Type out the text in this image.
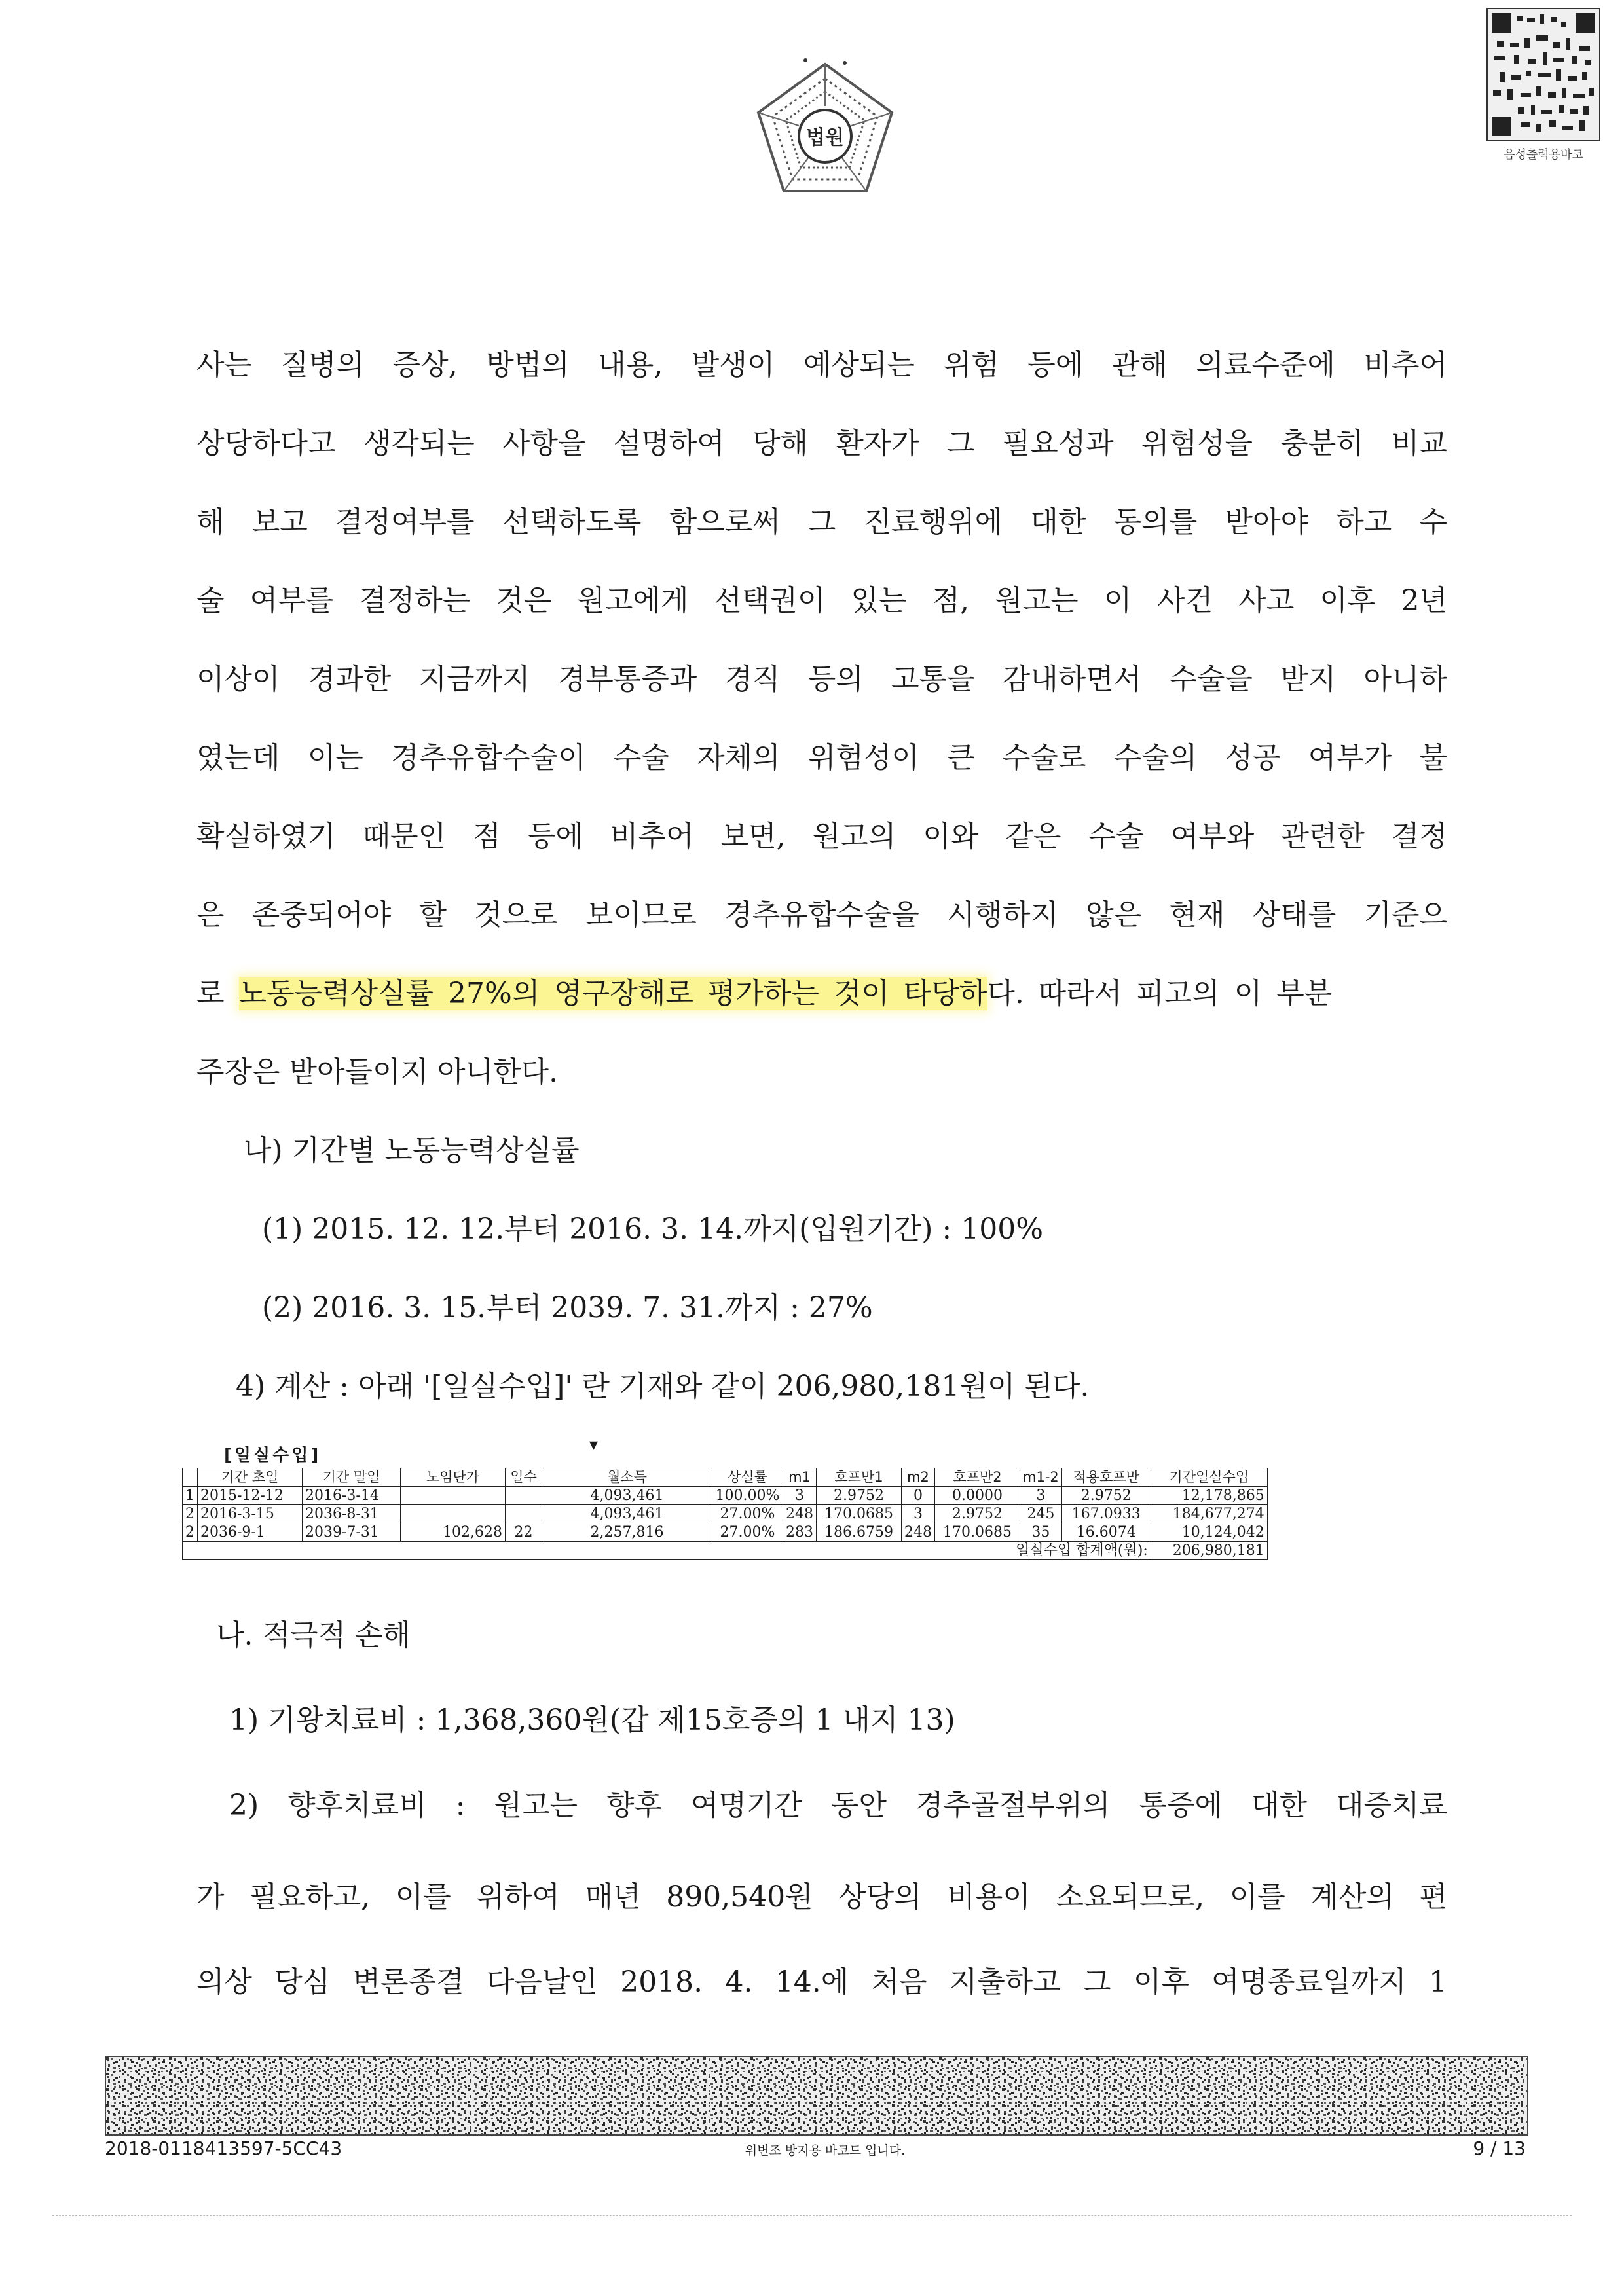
법원
음성출력용바코
사는 질병의 증상, 방법의 내용, 발생이 예상되는 위험 등에 관해 의료수준에 비추어
상당하다고 생각되는 사항을 설명하여 당해 환자가 그 필요성과 위험성을 충분히 비교
해 보고 결정여부를 선택하도록 함으로써 그 진료행위에 대한 동의를 받아야 하고 수
술 여부를 결정하는 것은 원고에게 선택권이 있는 점, 원고는 이 사건 사고 이후 2년
이상이 경과한 지금까지 경부통증과 경직 등의 고통을 감내하면서 수술을 받지 아니하
였는데 이는 경추유합수술이 수술 자체의 위험성이 큰 수술로 수술의 성공 여부가 불
확실하였기 때문인 점 등에 비추어 보면, 원고의 이와 같은 수술 여부와 관련한 결정
은 존중되어야 할 것으로 보이므로 경추유합수술을 시행하지 않은 현재 상태를 기준으
로 노동능력상실률 27%의 영구장해로 평가하는 것이 타당하다. 따라서 피고의 이 부분
주장은 받아들이지 아니한다.
나) 기간별 노동능력상실률
(1) 2015. 12. 12.부터 2016. 3. 14.까지(입원기간) : 100%
(2) 2016. 3. 15.부터 2039. 7. 31.까지 : 27%
4) 계산 : 아래 '[일실수입]' 란 기재와 같이 206,980,181원이 된다.
[일실수입]
▾
	기간 초일	기간 말일	노임단가	일수	월소득	상실률	m1	호프만1	m2	호프만2	m1-2	적용호프만	기간일실수입
1	2015-12-12	2016-3-14			4,093,461	100.00%	3	2.9752	0	0.0000	3	2.9752	12,178,865
2	2016-3-15	2036-8-31			4,093,461	27.00%	248	170.0685	3	2.9752	245	167.0933	184,677,274
2	2036-9-1	2039-7-31	102,628	22	2,257,816	27.00%	283	186.6759	248	170.0685	35	16.6074	10,124,042
일실수입 합계액(원):													206,980,181
나. 적극적 손해
1) 기왕치료비 : 1,368,360원(갑 제15호증의 1 내지 13)
2) 향후치료비 : 원고는 향후 여명기간 동안 경추골절부위의 통증에 대한 대증치료
가 필요하고, 이를 위하여 매년 890,540원 상당의 비용이 소요되므로, 이를 계산의 편
의상 당심 변론종결 다음날인 2018. 4. 14.에 처음 지출하고 그 이후 여명종료일까지 1
2018-0118413597-5CC43	위변조 방지용 바코드 입니다.	9 / 13
